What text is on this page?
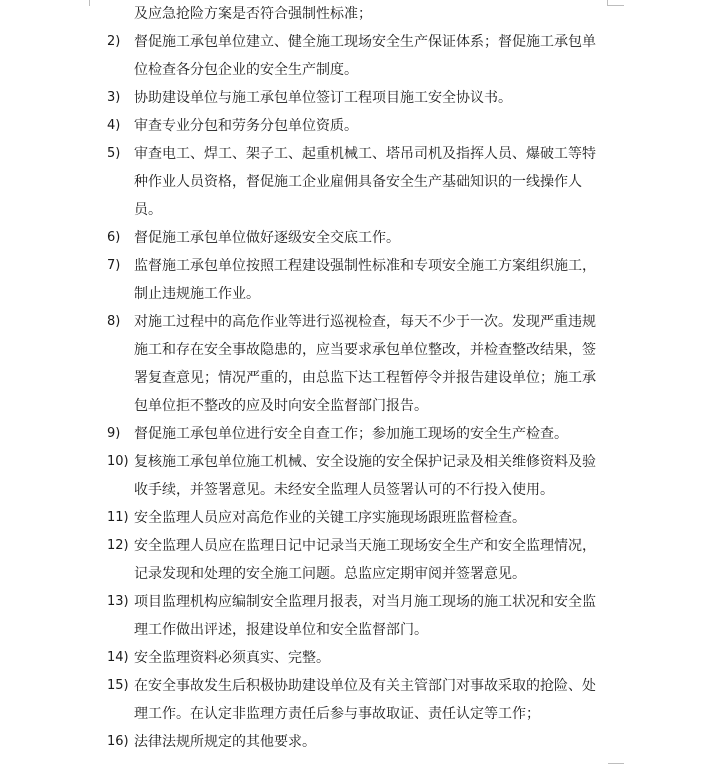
及应急抢险方案是否符合强制性标准；
2) 督促施工承包单位建立、健全施工现场安全生产保证体系；督促施工承包单
位检查各分包企业的安全生产制度。
3) 协助建设单位与施工承包单位签订工程项目施工安全协议书。
4) 审查专业分包和劳务分包单位资质。
5) 审查电工、焊工、架子工、起重机械工、塔吊司机及指挥人员、爆破工等特
种作业人员资格，督促施工企业雇佣具备安全生产基础知识的一线操作人
员。
6) 督促施工承包单位做好逐级安全交底工作。
7) 监督施工承包单位按照工程建设强制性标准和专项安全施工方案组织施工，
制止违规施工作业。
8) 对施工过程中的高危作业等进行巡视检查，每天不少于一次。发现严重违规
施工和存在安全事故隐患的，应当要求承包单位整改，并检查整改结果，签
署复查意见；情况严重的，由总监下达工程暂停令并报告建设单位；施工承
包单位拒不整改的应及时向安全监督部门报告。
9) 督促施工承包单位进行安全自查工作；参加施工现场的安全生产检查。
10) 复核施工承包单位施工机械、安全设施的安全保护记录及相关维修资料及验
收手续，并签署意见。未经安全监理人员签署认可的不行投入使用。
11) 安全监理人员应对高危作业的关键工序实施现场跟班监督检查。
12) 安全监理人员应在监理日记中记录当天施工现场安全生产和安全监理情况，
记录发现和处理的安全施工问题。总监应定期审阅并签署意见。
13) 项目监理机构应编制安全监理月报表，对当月施工现场的施工状况和安全监
理工作做出评述，报建设单位和安全监督部门。
14) 安全监理资料必须真实、完整。
15) 在安全事故发生后积极协助建设单位及有关主管部门对事故采取的抢险、处
理工作。在认定非监理方责任后参与事故取证、责任认定等工作；
16) 法律法规所规定的其他要求。
